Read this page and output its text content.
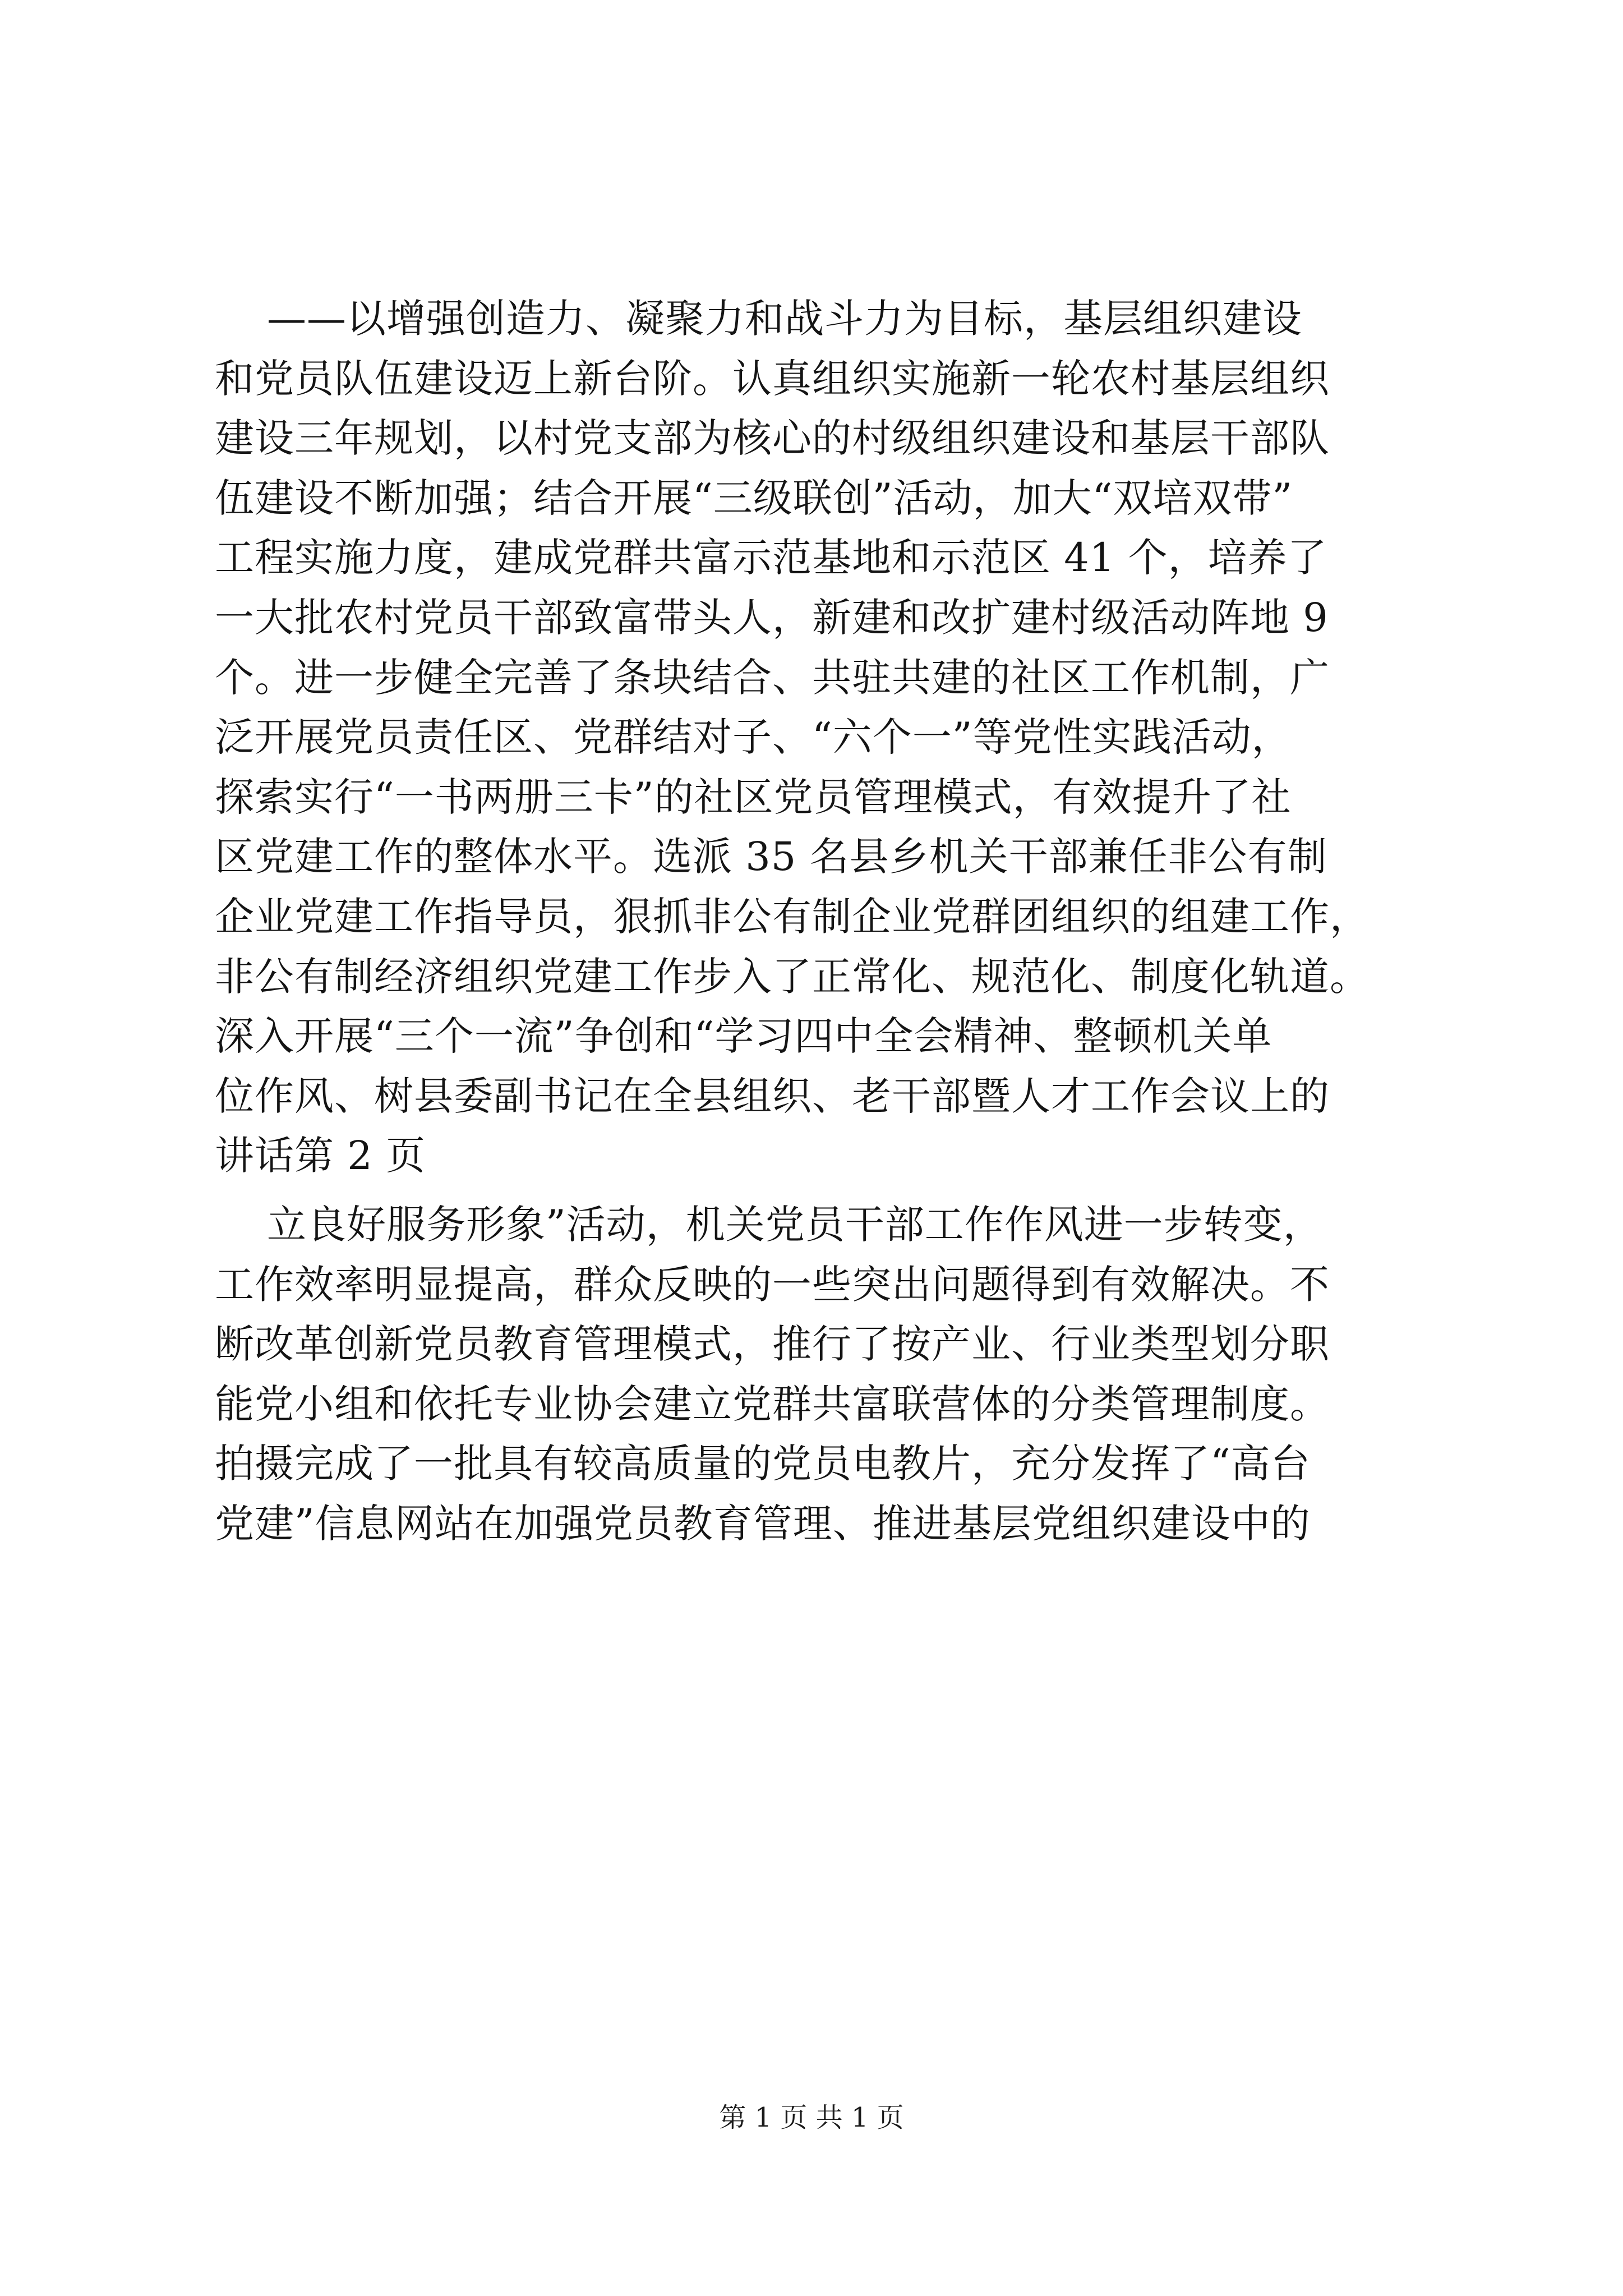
——以增强创造力、凝聚力和战斗力为目标，基层组织建设
和党员队伍建设迈上新台阶。认真组织实施新一轮农村基层组织
建设三年规划，以村党支部为核心的村级组织建设和基层干部队
伍建设不断加强；结合开展“三级联创”活动，加大“双培双带”
工程实施力度，建成党群共富示范基地和示范区 41 个，培养了
一大批农村党员干部致富带头人，新建和改扩建村级活动阵地 9
个。进一步健全完善了条块结合、共驻共建的社区工作机制，广
泛开展党员责任区、党群结对子、“六个一”等党性实践活动，
探索实行“一书两册三卡”的社区党员管理模式，有效提升了社
区党建工作的整体水平。选派 35 名县乡机关干部兼任非公有制
企业党建工作指导员，狠抓非公有制企业党群团组织的组建工作，
非公有制经济组织党建工作步入了正常化、规范化、制度化轨道。
深入开展“三个一流”争创和“学习四中全会精神、整顿机关单
位作风、树县委副书记在全县组织、老干部暨人才工作会议上的
讲话第 2 页
立良好服务形象”活动，机关党员干部工作作风进一步转变，
工作效率明显提高，群众反映的一些突出问题得到有效解决。不
断改革创新党员教育管理模式，推行了按产业、行业类型划分职
能党小组和依托专业协会建立党群共富联营体的分类管理制度。
拍摄完成了一批具有较高质量的党员电教片，充分发挥了“高台
党建”信息网站在加强党员教育管理、推进基层党组织建设中的
第 1 页 共 1 页
